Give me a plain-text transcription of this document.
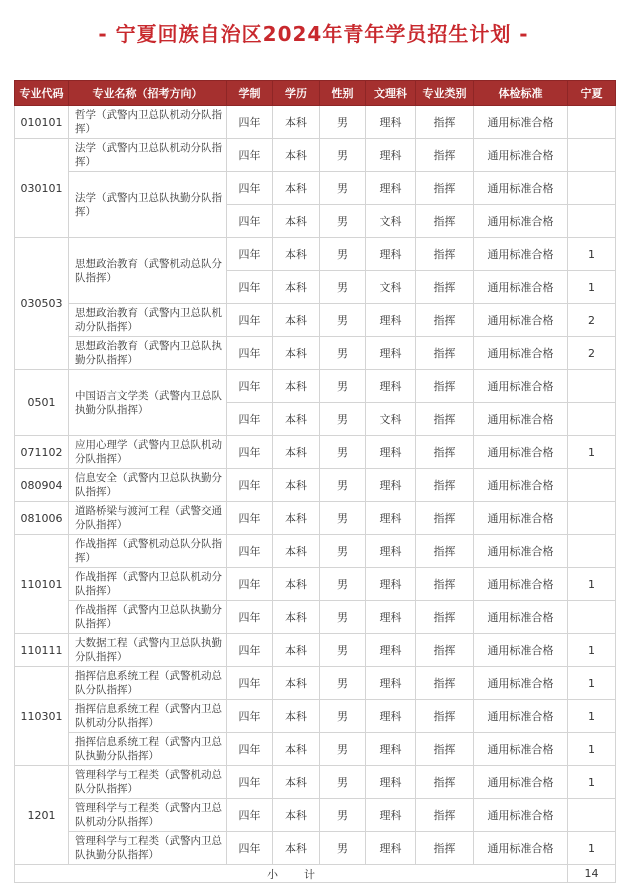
- 宁夏回族自治区2024年青年学员招生计划 -
专业代码	专业名称（招考方向）	学制	学历	性别	文理科	专业类别	体检标准	宁夏
010101	哲学（武警内卫总队机动分队指挥）	四年	本科	男	理科	指挥	通用标准合格	
030101	法学（武警内卫总队机动分队指挥）	四年	本科	男	理科	指挥	通用标准合格	
	法学（武警内卫总队执勤分队指挥）	四年	本科	男	理科	指挥	通用标准合格	
		四年	本科	男	文科	指挥	通用标准合格	
030503	思想政治教育（武警机动总队分队指挥）	四年	本科	男	理科	指挥	通用标准合格	1
		四年	本科	男	文科	指挥	通用标准合格	1
	思想政治教育（武警内卫总队机动分队指挥）	四年	本科	男	理科	指挥	通用标准合格	2
	思想政治教育（武警内卫总队执勤分队指挥）	四年	本科	男	理科	指挥	通用标准合格	2
0501	中国语言文学类（武警内卫总队执勤分队指挥）	四年	本科	男	理科	指挥	通用标准合格	
		四年	本科	男	文科	指挥	通用标准合格	
071102	应用心理学（武警内卫总队机动分队指挥）	四年	本科	男	理科	指挥	通用标准合格	1
080904	信息安全（武警内卫总队执勤分队指挥）	四年	本科	男	理科	指挥	通用标准合格	
081006	道路桥梁与渡河工程（武警交通分队指挥）	四年	本科	男	理科	指挥	通用标准合格	
110101	作战指挥（武警机动总队分队指挥）	四年	本科	男	理科	指挥	通用标准合格	
	作战指挥（武警内卫总队机动分队指挥）	四年	本科	男	理科	指挥	通用标准合格	1
	作战指挥（武警内卫总队执勤分队指挥）	四年	本科	男	理科	指挥	通用标准合格	
110111	大数据工程（武警内卫总队执勤分队指挥）	四年	本科	男	理科	指挥	通用标准合格	1
110301	指挥信息系统工程（武警机动总队分队指挥）	四年	本科	男	理科	指挥	通用标准合格	1
	指挥信息系统工程（武警内卫总队机动分队指挥）	四年	本科	男	理科	指挥	通用标准合格	1
	指挥信息系统工程（武警内卫总队执勤分队指挥）	四年	本科	男	理科	指挥	通用标准合格	1
1201	管理科学与工程类（武警机动总队分队指挥）	四年	本科	男	理科	指挥	通用标准合格	1
	管理科学与工程类（武警内卫总队机动分队指挥）	四年	本科	男	理科	指挥	通用标准合格	
	管理科学与工程类（武警内卫总队执勤分队指挥）	四年	本科	男	理科	指挥	通用标准合格	1
小计								14
